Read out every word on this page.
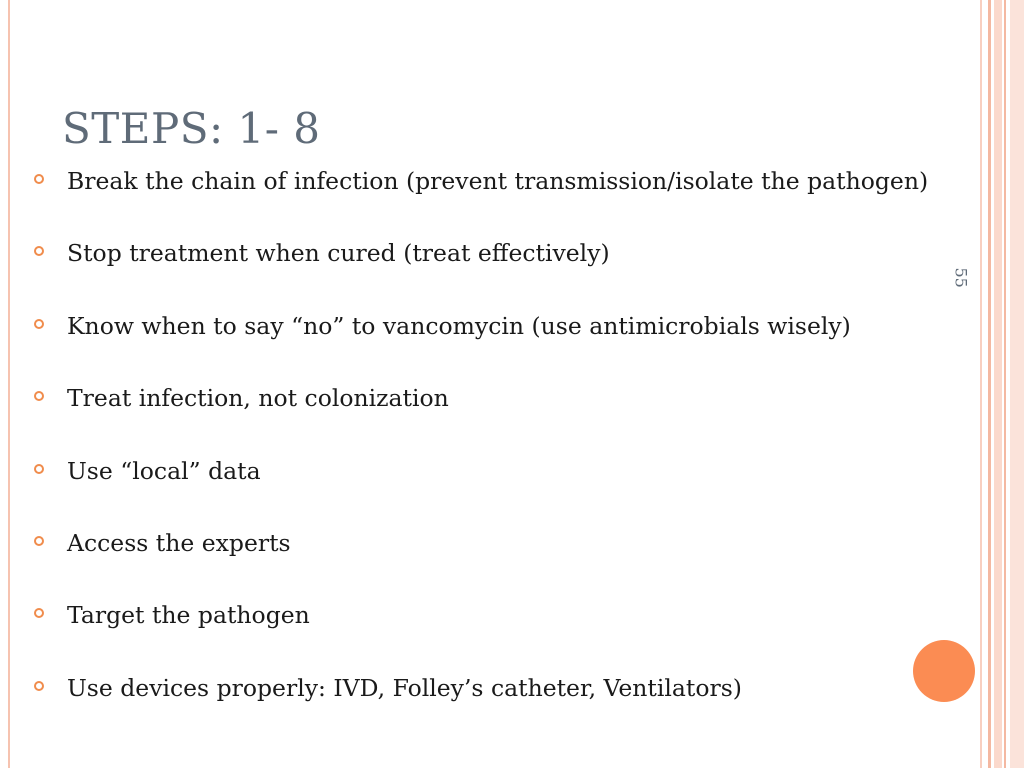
STEPS: 1- 8
Break the chain of infection (prevent transmission/isolate the pathogen)
Stop treatment when cured (treat effectively)
Know when to say “no” to vancomycin (use antimicrobials wisely)
Treat infection, not colonization
Use “local” data
Access the experts
Target the pathogen
Use devices properly: IVD, Folley’s catheter, Ventilators)
55
